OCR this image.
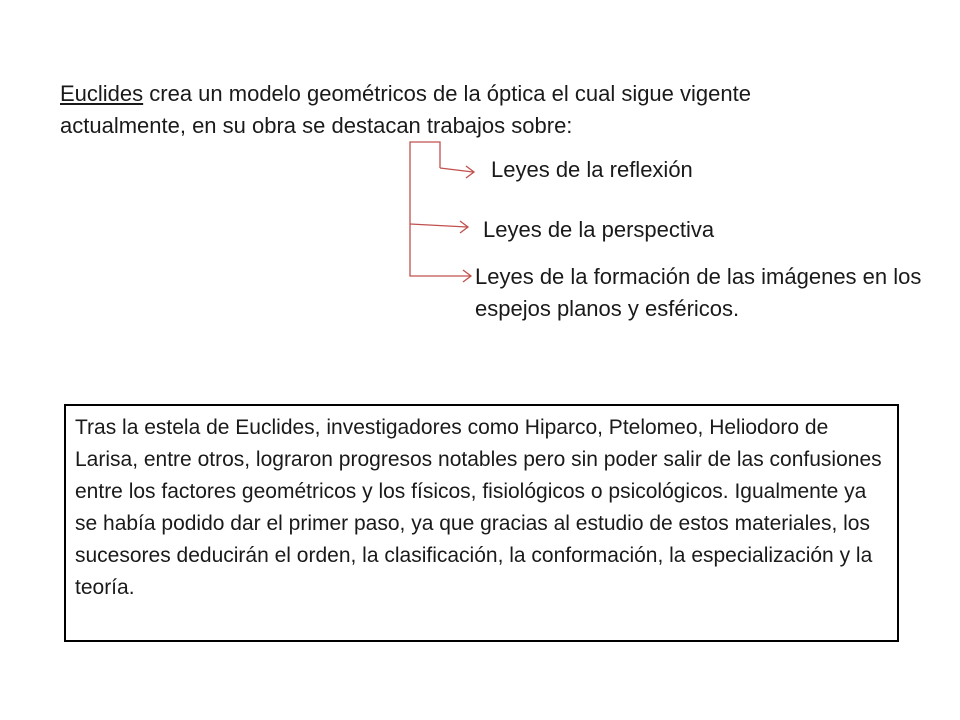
Euclides crea un modelo geométricos de la óptica el cual sigue vigente actualmente, en su obra se destacan trabajos sobre:
Leyes de la reflexión
Leyes de la perspectiva
Leyes de la formación de las imágenes en los espejos planos y esféricos.
Tras la estela de Euclides, investigadores como Hiparco, Ptelomeo, Heliodoro de Larisa, entre otros, lograron progresos notables pero sin poder salir de las confusiones entre los factores geométricos y los físicos, fisiológicos o psicológicos. Igualmente ya se había podido dar el primer paso, ya que gracias al estudio de estos materiales, los sucesores deducirán el orden, la clasificación, la conformación, la especialización y la teoría.
